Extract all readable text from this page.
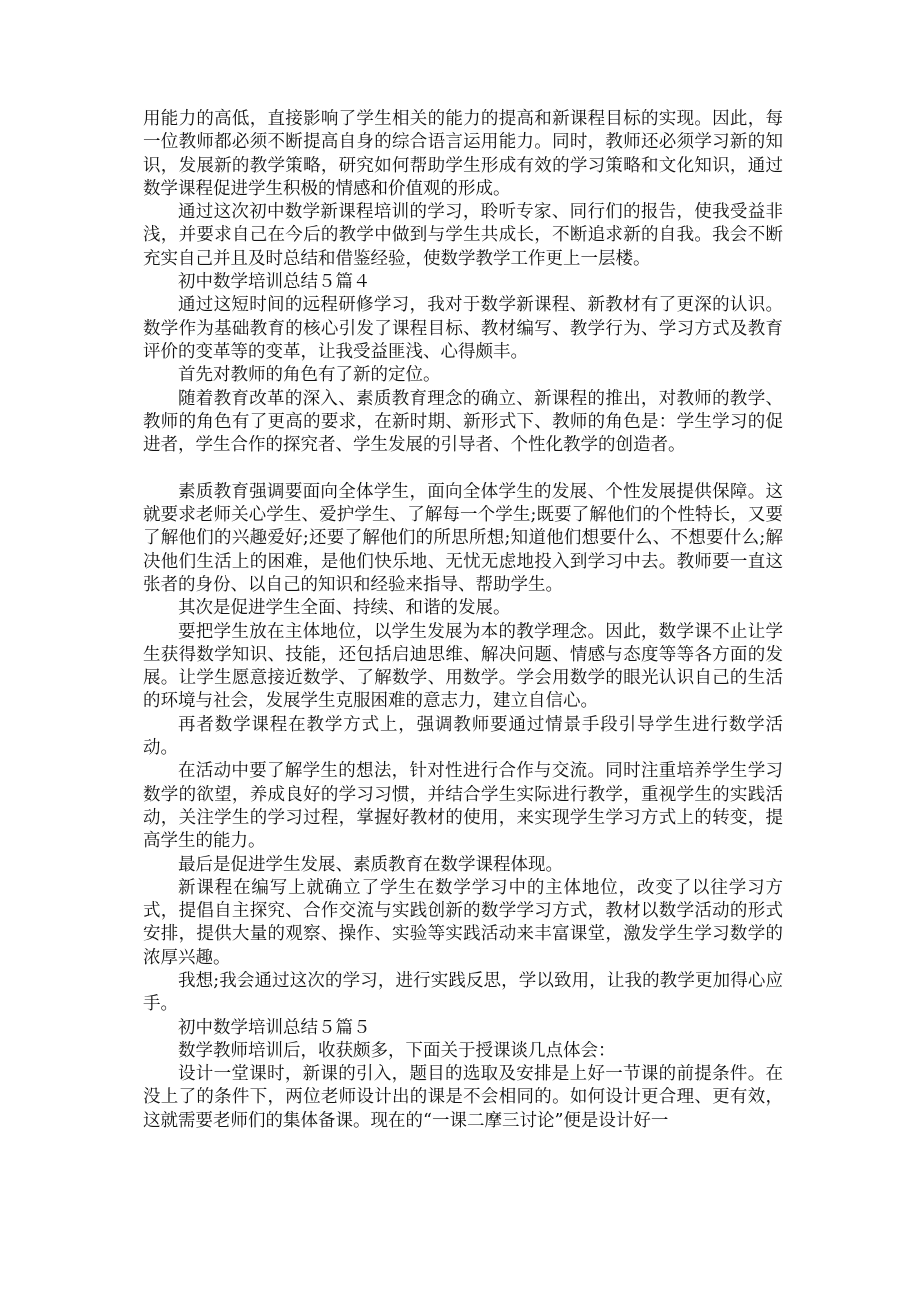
用能力的高低，直接影响了学生相关的能力的提高和新课程目标的实现。因此，每一位教师都必须不断提高自身的综合语言运用能力。同时，教师还必须学习新的知识，发展新的教学策略，研究如何帮助学生形成有效的学习策略和文化知识，通过数学课程促进学生积极的情感和价值观的形成。

通过这次初中数学新课程培训的学习，聆听专家、同行们的报告，使我受益非浅，并要求自己在今后的教学中做到与学生共成长，不断追求新的自我。我会不断充实自己并且及时总结和借鉴经验，使数学教学工作更上一层楼。

初中数学培训总结５篇４

通过这短时间的远程研修学习，我对于数学新课程、新教材有了更深的认识。数学作为基础教育的核心引发了课程目标、教材编写、教学行为、学习方式及教育评价的变革等的变革，让我受益匪浅、心得颇丰。

首先对教师的角色有了新的定位。

随着教育改革的深入、素质教育理念的确立、新课程的推出，对教师的教学、教师的角色有了更高的要求，在新时期、新形式下、教师的角色是：学生学习的促进者，学生合作的探究者、学生发展的引导者、个性化教学的创造者。

素质教育强调要面向全体学生，面向全体学生的发展、个性发展提供保障。这就要求老师关心学生、爱护学生、了解每一个学生;既要了解他们的个性特长，又要了解他们的兴趣爱好;还要了解他们的所思所想;知道他们想要什么、不想要什么;解决他们生活上的困难，是他们快乐地、无忧无虑地投入到学习中去。教师要一直这张者的身份、以自己的知识和经验来指导、帮助学生。

其次是促进学生全面、持续、和谐的发展。

要把学生放在主体地位，以学生发展为本的教学理念。因此，数学课不止让学生获得数学知识、技能，还包括启迪思维、解决问题、情感与态度等等各方面的发展。让学生愿意接近数学、了解数学、用数学。学会用数学的眼光认识自己的生活的环境与社会，发展学生克服困难的意志力，建立自信心。

再者数学课程在教学方式上，强调教师要通过情景手段引导学生进行数学活动。

在活动中要了解学生的想法，针对性进行合作与交流。同时注重培养学生学习数学的欲望，养成良好的学习习惯，并结合学生实际进行教学，重视学生的实践活动，关注学生的学习过程，掌握好教材的使用，来实现学生学习方式上的转变，提高学生的能力。

最后是促进学生发展、素质教育在数学课程体现。

新课程在编写上就确立了学生在数学学习中的主体地位，改变了以往学习方式，提倡自主探究、合作交流与实践创新的数学学习方式，教材以数学活动的形式安排，提供大量的观察、操作、实验等实践活动来丰富课堂，激发学生学习数学的浓厚兴趣。

我想;我会通过这次的学习，进行实践反思，学以致用，让我的教学更加得心应手。

初中数学培训总结５篇５

数学教师培训后，收获颇多，下面关于授课谈几点体会：

设计一堂课时，新课的引入，题目的选取及安排是上好一节课的前提条件。在没上了的条件下，两位老师设计出的课是不会相同的。如何设计更合理、更有效，这就需要老师们的集体备课。现在的“一课二摩三讨论”便是设计好一
